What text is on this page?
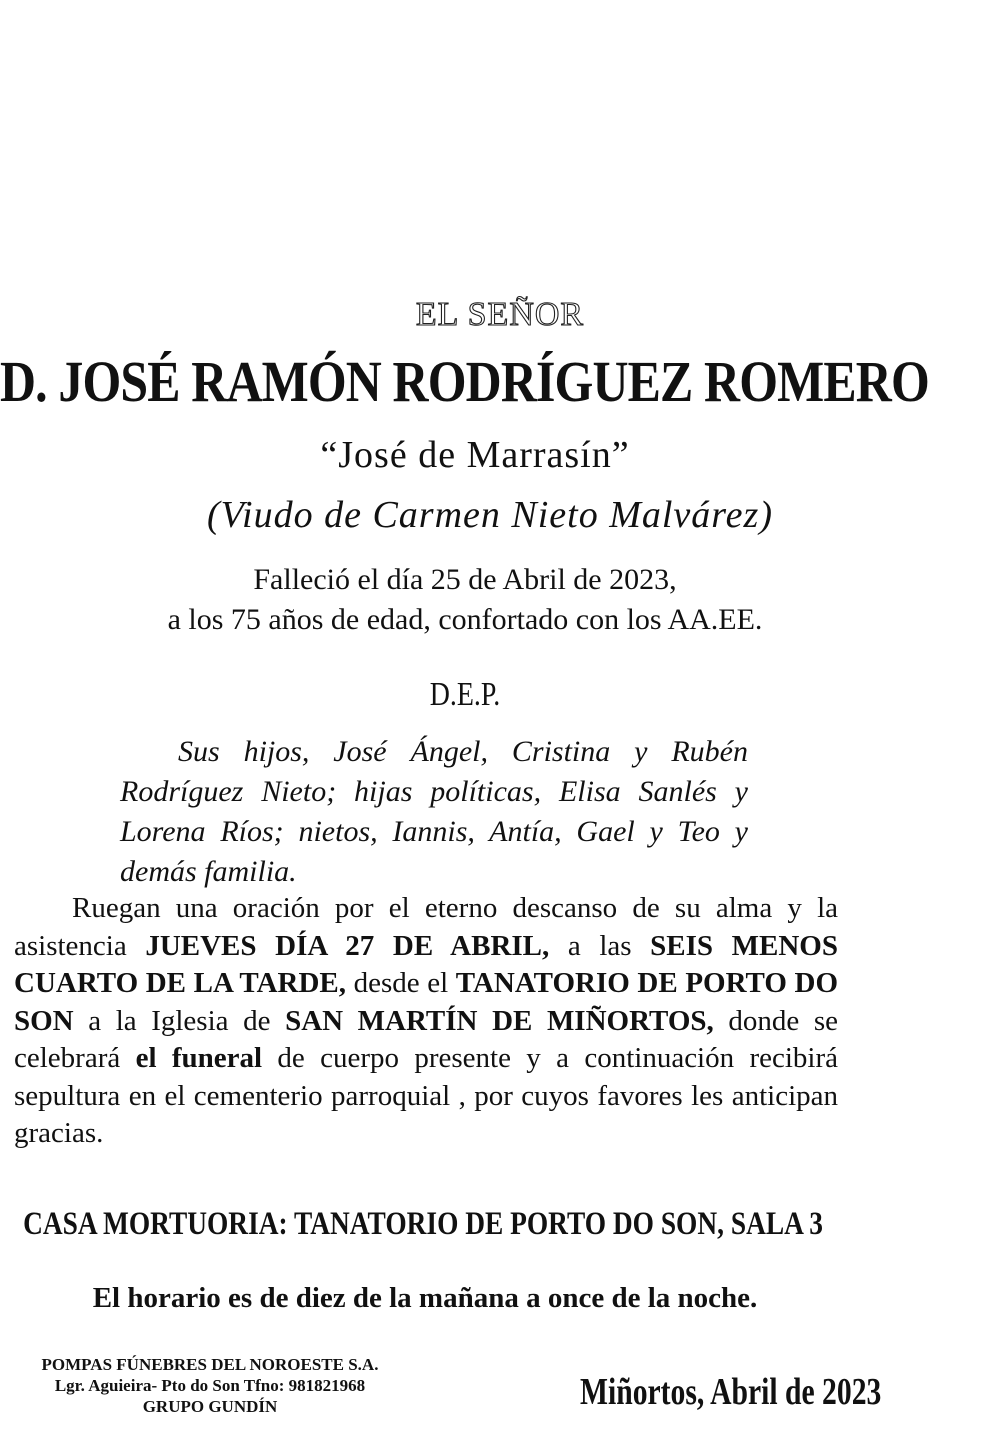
EL SEÑOR
D. JOSÉ RAMÓN RODRÍGUEZ ROMERO
“José de Marrasín”
(Viudo de Carmen Nieto Malvárez)
Falleció el día 25 de Abril de 2023,
a los 75 años de edad, confortado con los AA.EE.
D.E.P.
Sus hijos, José Ángel, Cristina y Rubén Rodríguez Nieto; hijas políticas, Elisa Sanlés y Lorena Ríos; nietos, Iannis, Antía, Gael y Teo y demás familia.
Ruegan una oración por el eterno descanso de su alma y la asistencia JUEVES DÍA 27 DE ABRIL, a las SEIS MENOS CUARTO DE LA TARDE, desde el TANATORIO DE PORTO DO SON a la Iglesia de SAN MARTÍN DE MIÑORTOS, donde se celebrará el funeral de cuerpo presente y a continuación recibirá sepultura en el cementerio parroquial , por cuyos favores les anticipan gracias.
CASA MORTUORIA: TANATORIO DE PORTO DO SON, SALA 3
El horario es de diez de la mañana a once de la noche.
POMPAS FÚNEBRES DEL NOROESTE S.A.
Lgr. Aguieira- Pto do Son Tfno: 981821968
GRUPO GUNDÍN	Miñortos, Abril de 2023
